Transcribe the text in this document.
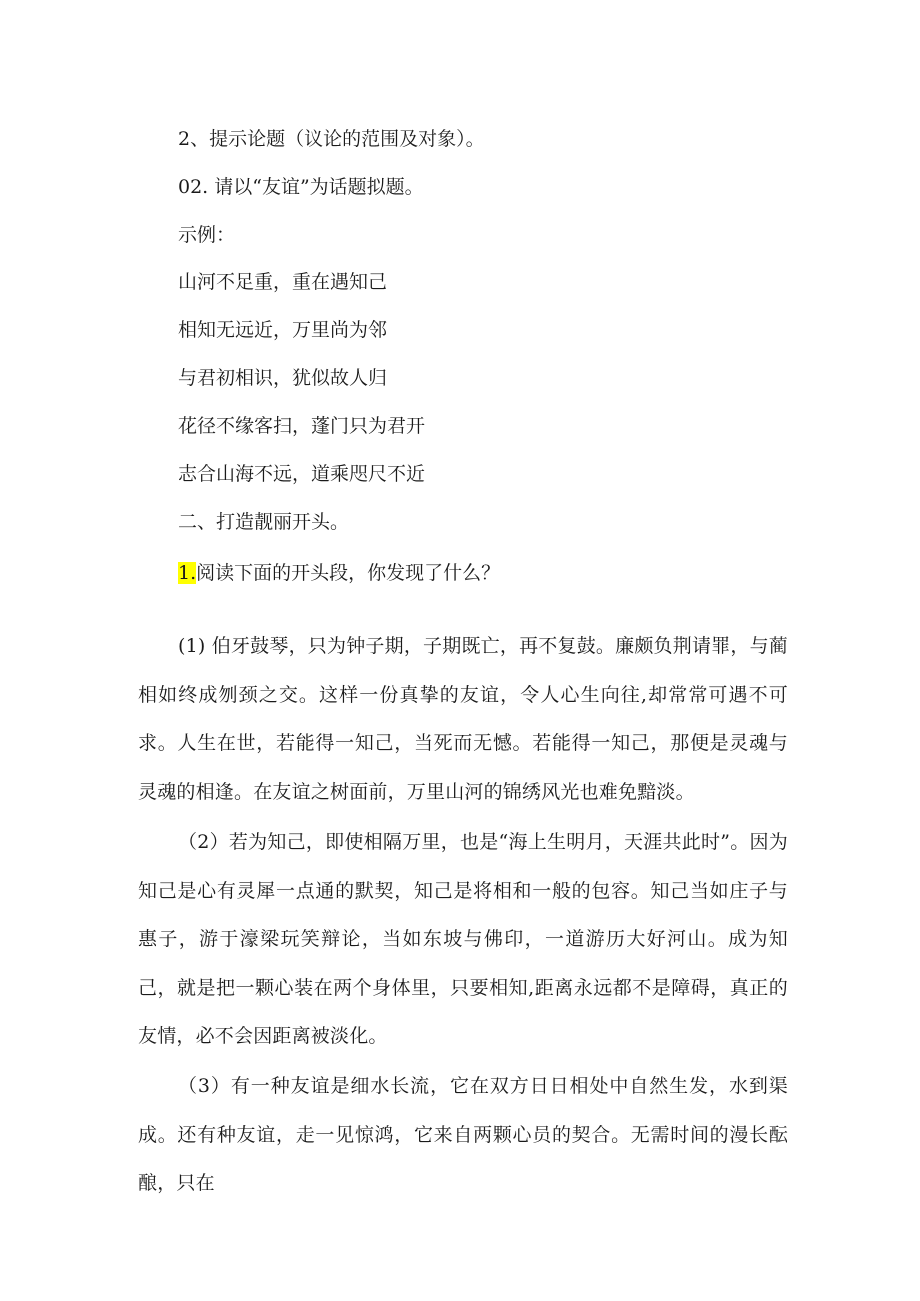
2、提示论题（议论的范围及对象）。
02. 请以“友谊”为话题拟题。
示例：
山河不足重，重在遇知己
相知无远近，万里尚为邻
与君初相识，犹似故人归
花径不缘客扫，蓬门只为君开
志合山海不远，道乘咫尺不近
二、打造靓丽开头。
1.阅读下面的开头段，你发现了什么？
(1) 伯牙鼓琴，只为钟子期，子期既亡，再不复鼓。廉颇负荆请罪，与蔺相如终成刎颈之交。这样一份真挚的友谊，令人心生向往,却常常可遇不可求。人生在世，若能得一知己，当死而无憾。若能得一知己，那便是灵魂与灵魂的相逢。在友谊之树面前，万里山河的锦绣风光也难免黯淡。
（2）若为知己，即使相隔万里，也是“海上生明月，天涯共此时”。因为知己是心有灵犀一点通的默契，知己是将相和一般的包容。知己当如庄子与惠子，游于濠梁玩笑辩论，当如东坡与佛印，一道游历大好河山。成为知己，就是把一颗心装在两个身体里，只要相知,距离永远都不是障碍，真正的友情，必不会因距离被淡化。
（3）有一种友谊是细水长流，它在双方日日相处中自然生发，水到渠成。还有种友谊，走一见惊鸿，它来自两颗心员的契合。无需时间的漫长酝酿，只在
